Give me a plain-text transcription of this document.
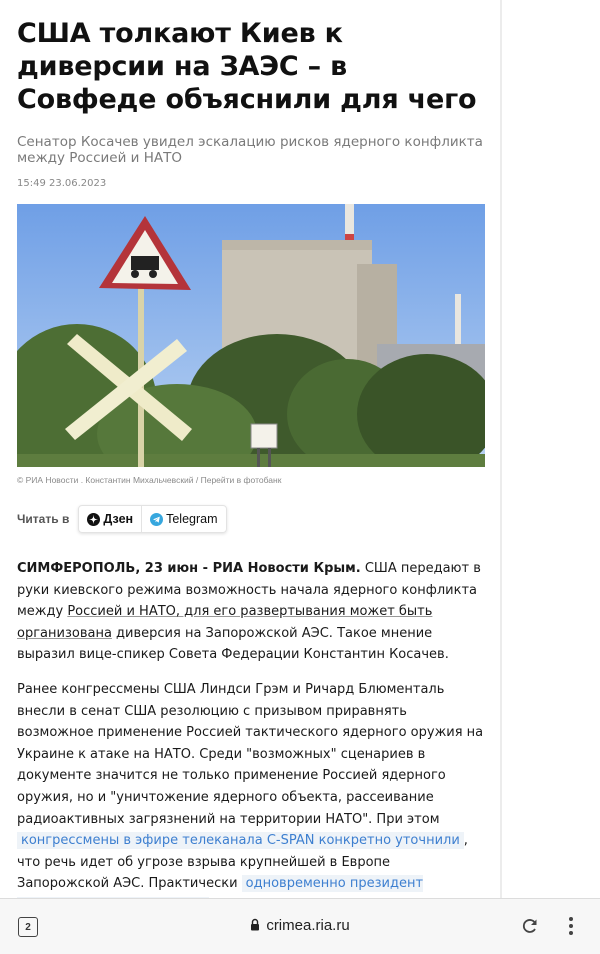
США толкают Киев к диверсии на ЗАЭС – в Совфеде объяснили для чего
Сенатор Косачев увидел эскалацию рисков ядерного конфликта между Россией и НАТО
15:49 23.06.2023
© РИА Новости . Константин Михальчевский / Перейти в фотобанк
Читать в	Дзен	Telegram

СИМФЕРОПОЛЬ, 23 июн - РИА Новости Крым. США передают в руки киевского режима возможность начала ядерного конфликта между Россией и НАТО, для его развертывания может быть организована диверсия на Запорожской АЭС. Такое мнение выразил вице-спикер Совета Федерации Константин Косачев.

Ранее конгрессмены США Линдси Грэм и Ричард Блюменталь внесли в сенат США резолюцию с призывом приравнять возможное применение Россией тактического ядерного оружия на Украине к атаке на НАТО. Среди "возможных" сценариев в документе значится не только применение Россией ядерного оружия, но и "уничтожение ядерного объекта, рассеивание радиоактивных загрязнений на территории НАТО". При этом конгрессмены в эфире телеканала C-SPAN конкретно уточнили , что речь идет об угрозе взрыва крупнейшей в Европе Запорожской АЭС. Практически одновременно президент

2	crimea.ria.ru
